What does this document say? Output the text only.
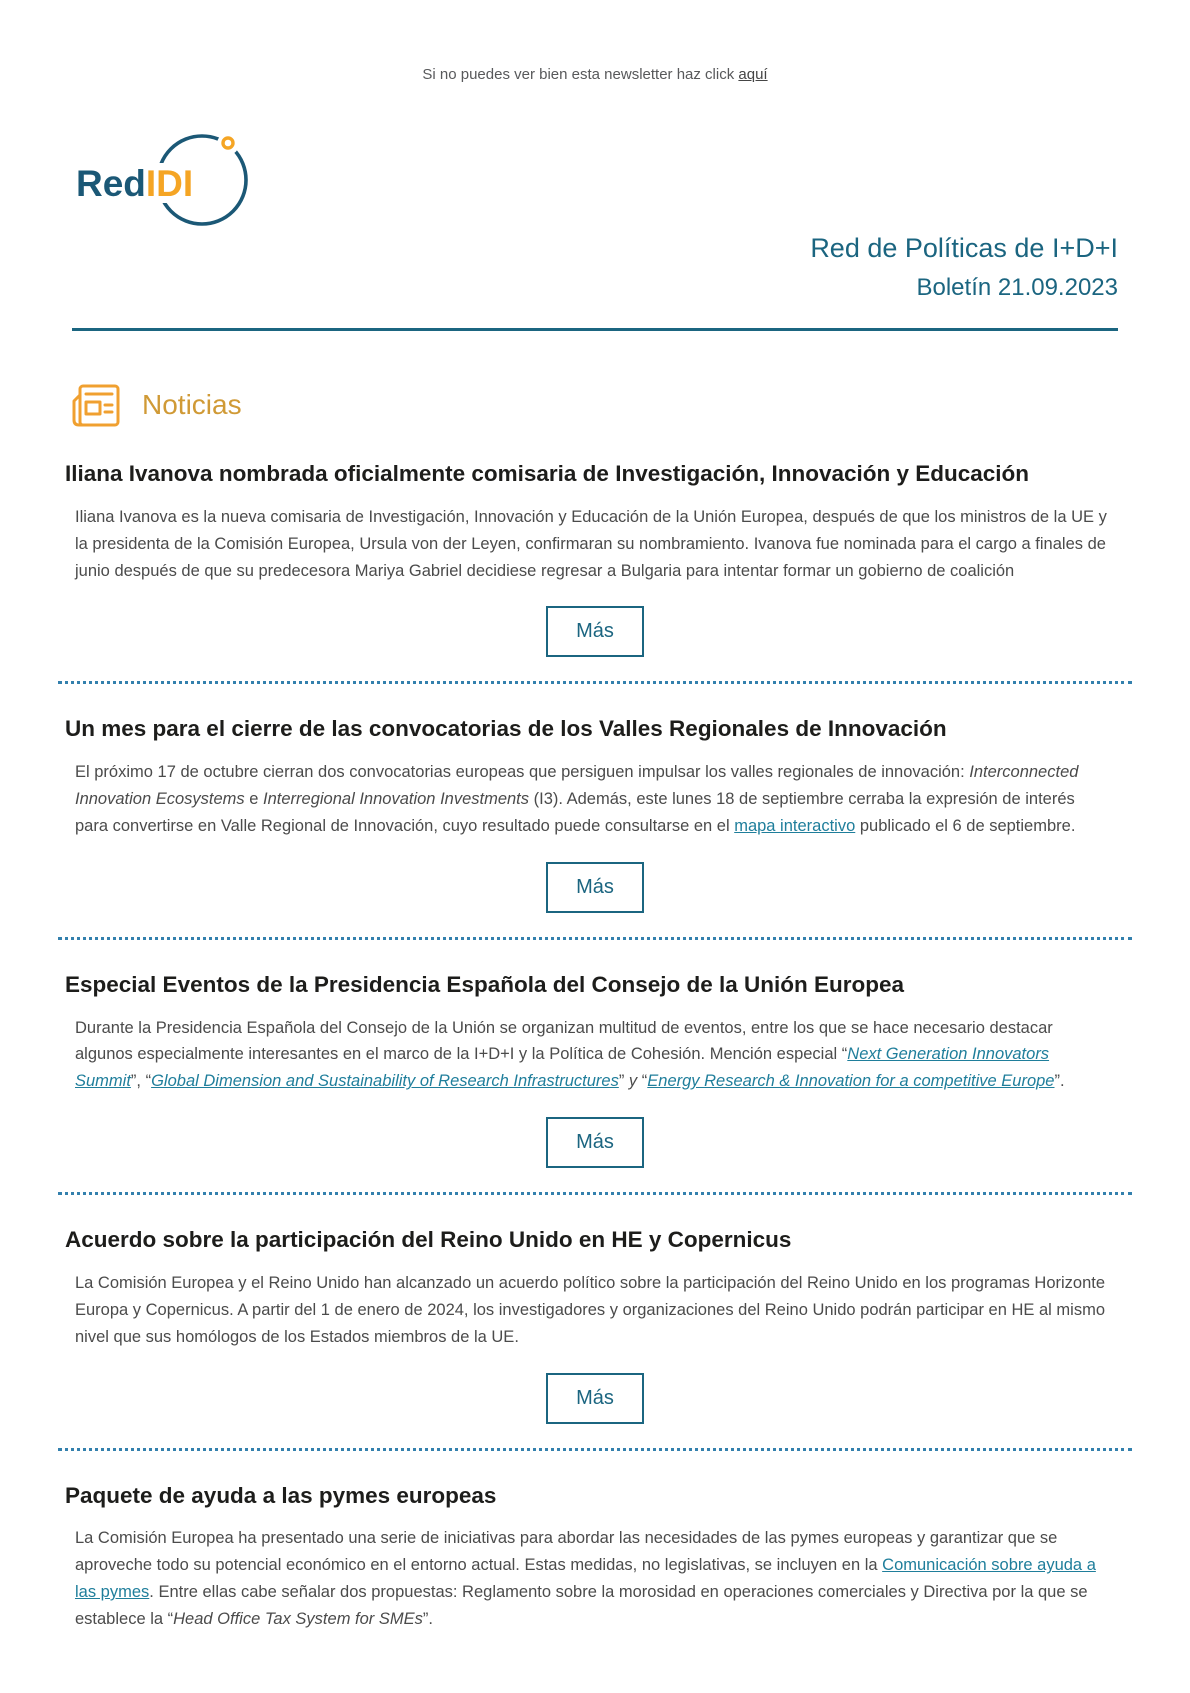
Si no puedes ver bien esta newsletter haz click aquí
RedIDI
Red de Políticas de I+D+I
Boletín 21.09.2023
Noticias
Iliana Ivanova nombrada oficialmente comisaria de Investigación, Innovación y Educación

Iliana Ivanova es la nueva comisaria de Investigación, Innovación y Educación de la Unión Europea, después de que los ministros de la UE y la presidenta de la Comisión Europea, Ursula von der Leyen, confirmaran su nombramiento. Ivanova fue nominada para el cargo a finales de junio después de que su predecesora Mariya Gabriel decidiese regresar a Bulgaria para intentar formar un gobierno de coalición

Más
Un mes para el cierre de las convocatorias de los Valles Regionales de Innovación

El próximo 17 de octubre cierran dos convocatorias europeas que persiguen impulsar los valles regionales de innovación: Interconnected Innovation Ecosystems e Interregional Innovation Investments (I3). Además, este lunes 18 de septiembre cerraba la expresión de interés para convertirse en Valle Regional de Innovación, cuyo resultado puede consultarse en el mapa interactivo publicado el 6 de septiembre.

Más
Especial Eventos de la Presidencia Española del Consejo de la Unión Europea

Durante la Presidencia Española del Consejo de la Unión se organizan multitud de eventos, entre los que se hace necesario destacar algunos especialmente interesantes en el marco de la I+D+I y la Política de Cohesión. Mención especial “Next Generation Innovators Summit”, “Global Dimension and Sustainability of Research Infrastructures” y “Energy Research & Innovation for a competitive Europe”.

Más
Acuerdo sobre la participación del Reino Unido en HE y Copernicus

La Comisión Europea y el Reino Unido han alcanzado un acuerdo político sobre la participación del Reino Unido en los programas Horizonte Europa y Copernicus. A partir del 1 de enero de 2024, los investigadores y organizaciones del Reino Unido podrán participar en HE al mismo nivel que sus homólogos de los Estados miembros de la UE.

Más
Paquete de ayuda a las pymes europeas

La Comisión Europea ha presentado una serie de iniciativas para abordar las necesidades de las pymes europeas y garantizar que se aproveche todo su potencial económico en el entorno actual. Estas medidas, no legislativas, se incluyen en la Comunicación sobre ayuda a las pymes. Entre ellas cabe señalar dos propuestas: Reglamento sobre la morosidad en operaciones comerciales y Directiva por la que se establece la “Head Office Tax System for SMEs”.
